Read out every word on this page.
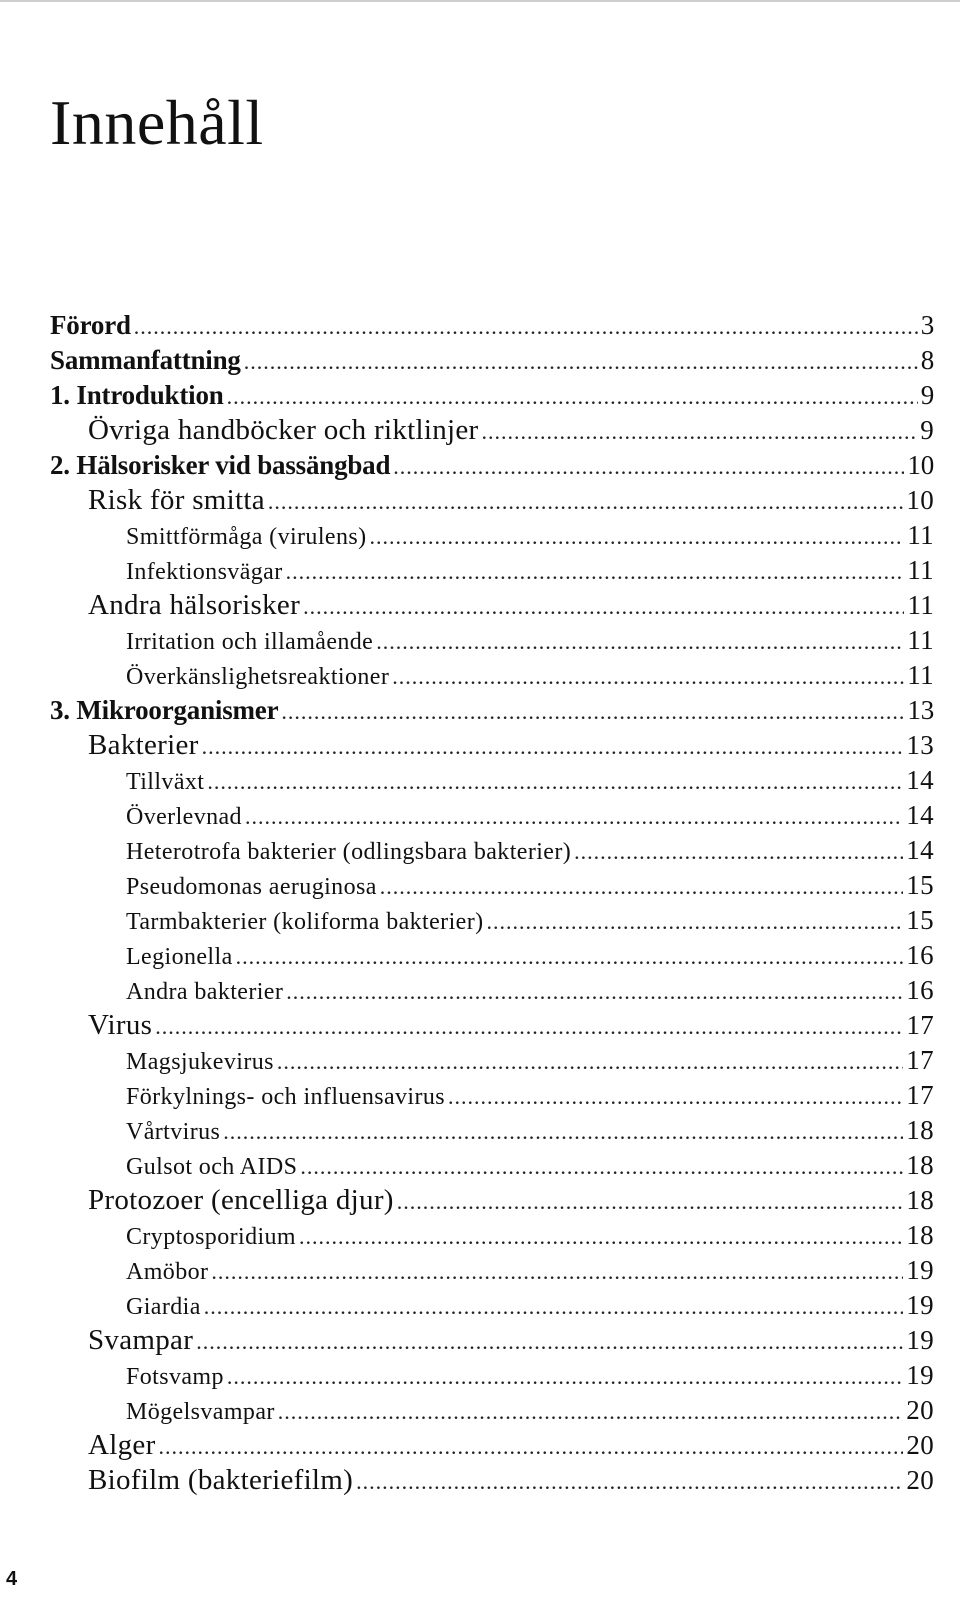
Innehåll
Förord .....	3
Sammanfattning .....	8
1. Introduktion .....	9
Övriga handböcker och riktlinjer .....	9
2. Hälsorisker vid bassängbad .....	10
Risk för smitta .....	10
Smittförmåga (virulens) .....	11
Infektionsvägar .....	11
Andra hälsorisker .....	11
Irritation och illamående .....	11
Överkänslighetsreaktioner .....	11
3. Mikroorganismer .....	13
Bakterier .....	13
Tillväxt .....	14
Överlevnad .....	14
Heterotrofa bakterier (odlingsbara bakterier) .....	14
Pseudomonas aeruginosa .....	15
Tarmbakterier (koliforma bakterier) .....	15
Legionella .....	16
Andra bakterier .....	16
Virus .....	17
Magsjukevirus .....	17
Förkylnings- och influensavirus .....	17
Vårtvirus .....	18
Gulsot och AIDS .....	18
Protozoer (encelliga djur) .....	18
Cryptosporidium .....	18
Amöbor .....	19
Giardia .....	19
Svampar .....	19
Fotsvamp .....	19
Mögelsvampar .....	20
Alger .....	20
Biofilm (bakteriefilm) .....	20
4
